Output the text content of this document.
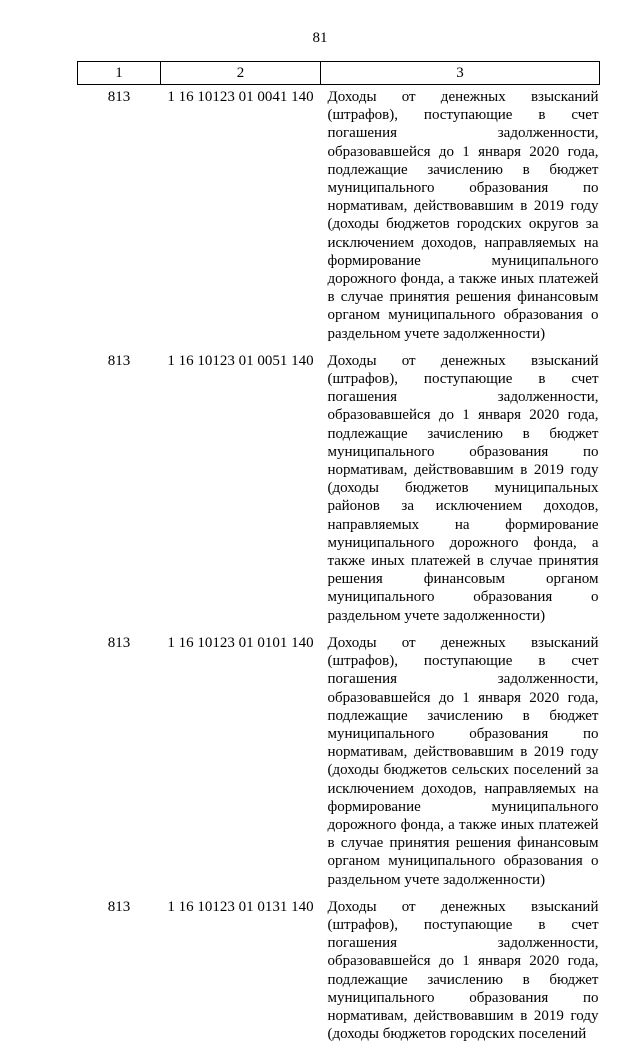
81
1	2	3
813	1 16 10123 01 0041 140	Доходы от денежных взысканий (штрафов), поступающие в счет погашения задолженности, образовавшейся до 1 января 2020 года, подлежащие зачислению в бюджет муниципального образования по нормативам, действовавшим в 2019 году (доходы бюджетов городских округов за исключением доходов, направляемых на формирование муниципального дорожного фонда, а также иных платежей в случае принятия решения финансовым органом муниципального образования о раздельном учете задолженности)
813	1 16 10123 01 0051 140	Доходы от денежных взысканий (штрафов), поступающие в счет погашения задолженности, образовавшейся до 1 января 2020 года, подлежащие зачислению в бюджет муниципального образования по нормативам, действовавшим в 2019 году (доходы бюджетов муниципальных районов за исключением доходов, направляемых на формирование муниципального дорожного фонда, а также иных платежей в случае принятия решения финансовым органом муниципального образования о раздельном учете задолженности)
813	1 16 10123 01 0101 140	Доходы от денежных взысканий (штрафов), поступающие в счет погашения задолженности, образовавшейся до 1 января 2020 года, подлежащие зачислению в бюджет муниципального образования по нормативам, действовавшим в 2019 году (доходы бюджетов сельских поселений за исключением доходов, направляемых на формирование муниципального дорожного фонда, а также иных платежей в случае принятия решения финансовым органом муниципального образования о раздельном учете задолженности)
813	1 16 10123 01 0131 140	Доходы от денежных взысканий (штрафов), поступающие в счет погашения задолженности, образовавшейся до 1 января 2020 года, подлежащие зачислению в бюджет муниципального образования по нормативам, действовавшим в 2019 году (доходы бюджетов городских поселений
